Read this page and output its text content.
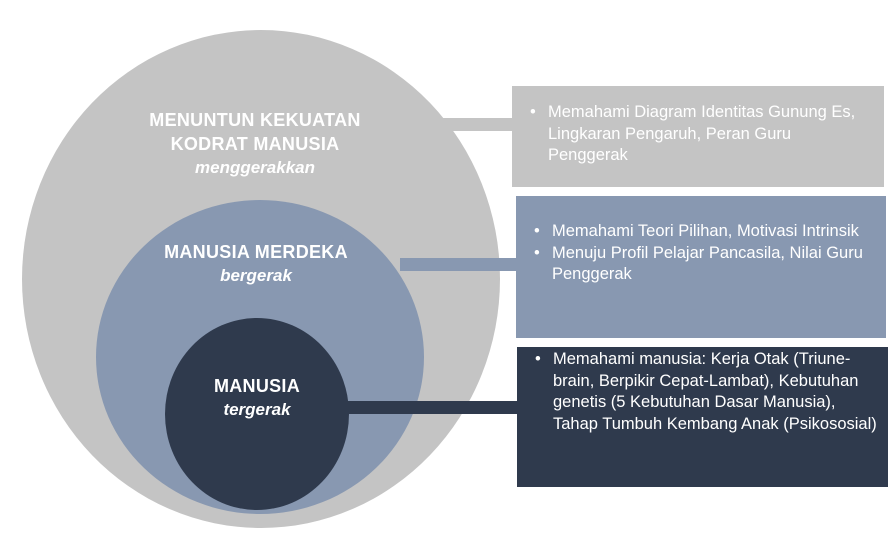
MENUNTUN KEKUATAN
KODRAT MANUSIA
menggerakkan
MANUSIA MERDEKA
bergerak
MANUSIA
tergerak
• Memahami Diagram Identitas Gunung Es, Lingkaran Pengaruh, Peran Guru Penggerak
• Memahami Teori Pilihan, Motivasi Intrinsik
• Menuju Profil Pelajar Pancasila, Nilai Guru Penggerak
• Memahami manusia: Kerja Otak (Triune-brain, Berpikir Cepat-Lambat), Kebutuhan genetis (5 Kebutuhan Dasar Manusia), Tahap Tumbuh Kembang Anak (Psikososial)
